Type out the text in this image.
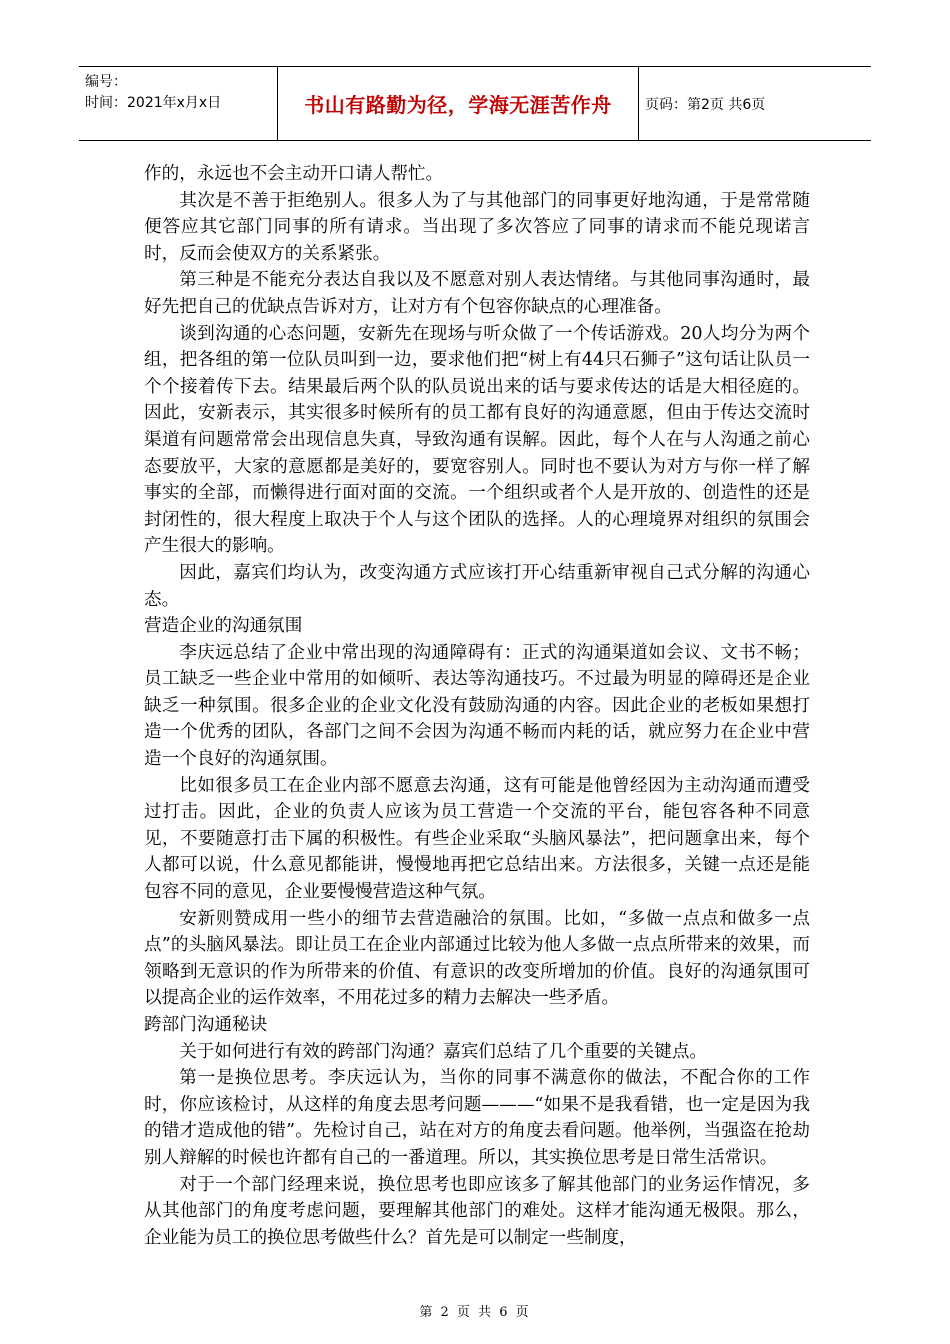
编号：
时间：2021年x月x日	书山有路勤为径，学海无涯苦作舟	页码：第2页 共6页

作的，永远也不会主动开口请人帮忙。

其次是不善于拒绝别人。很多人为了与其他部门的同事更好地沟通，于是常常随便答应其它部门同事的所有请求。当出现了多次答应了同事的请求而不能兑现诺言时，反而会使双方的关系紧张。

第三种是不能充分表达自我以及不愿意对别人表达情绪。与其他同事沟通时，最好先把自己的优缺点告诉对方，让对方有个包容你缺点的心理准备。

谈到沟通的心态问题，安新先在现场与听众做了一个传话游戏。20人均分为两个组，把各组的第一位队员叫到一边，要求他们把“树上有44只石狮子”这句话让队员一个个接着传下去。结果最后两个队的队员说出来的话与要求传达的话是大相径庭的。因此，安新表示，其实很多时候所有的员工都有良好的沟通意愿，但由于传达交流时渠道有问题常常会出现信息失真，导致沟通有误解。因此，每个人在与人沟通之前心态要放平，大家的意愿都是美好的，要宽容别人。同时也不要认为对方与你一样了解事实的全部，而懒得进行面对面的交流。一个组织或者个人是开放的、创造性的还是封闭性的，很大程度上取决于个人与这个团队的选择。人的心理境界对组织的氛围会产生很大的影响。

因此，嘉宾们均认为，改变沟通方式应该打开心结重新审视自己式分解的沟通心态。

营造企业的沟通氛围

李庆远总结了企业中常出现的沟通障碍有：正式的沟通渠道如会议、文书不畅；员工缺乏一些企业中常用的如倾听、表达等沟通技巧。不过最为明显的障碍还是企业缺乏一种氛围。很多企业的企业文化没有鼓励沟通的内容。因此企业的老板如果想打造一个优秀的团队，各部门之间不会因为沟通不畅而内耗的话，就应努力在企业中营造一个良好的沟通氛围。

比如很多员工在企业内部不愿意去沟通，这有可能是他曾经因为主动沟通而遭受过打击。因此，企业的负责人应该为员工营造一个交流的平台，能包容各种不同意见，不要随意打击下属的积极性。有些企业采取“头脑风暴法”，把问题拿出来，每个人都可以说，什么意见都能讲，慢慢地再把它总结出来。方法很多，关键一点还是能包容不同的意见，企业要慢慢营造这种气氛。

安新则赞成用一些小的细节去营造融洽的氛围。比如，“多做一点点和做多一点点”的头脑风暴法。即让员工在企业内部通过比较为他人多做一点点所带来的效果，而领略到无意识的作为所带来的价值、有意识的改变所增加的价值。良好的沟通氛围可以提高企业的运作效率，不用花过多的精力去解决一些矛盾。

跨部门沟通秘诀

关于如何进行有效的跨部门沟通？嘉宾们总结了几个重要的关键点。

第一是换位思考。李庆远认为，当你的同事不满意你的做法，不配合你的工作时，你应该检讨，从这样的角度去思考问题———“如果不是我看错，也一定是因为我的错才造成他的错”。先检讨自己，站在对方的角度去看问题。他举例，当强盗在抢劫别人辩解的时候也许都有自己的一番道理。所以，其实换位思考是日常生活常识。

对于一个部门经理来说，换位思考也即应该多了解其他部门的业务运作情况，多从其他部门的角度考虑问题，要理解其他部门的难处。这样才能沟通无极限。那么，企业能为员工的换位思考做些什么？首先是可以制定一些制度，

第 2 页 共 6 页
